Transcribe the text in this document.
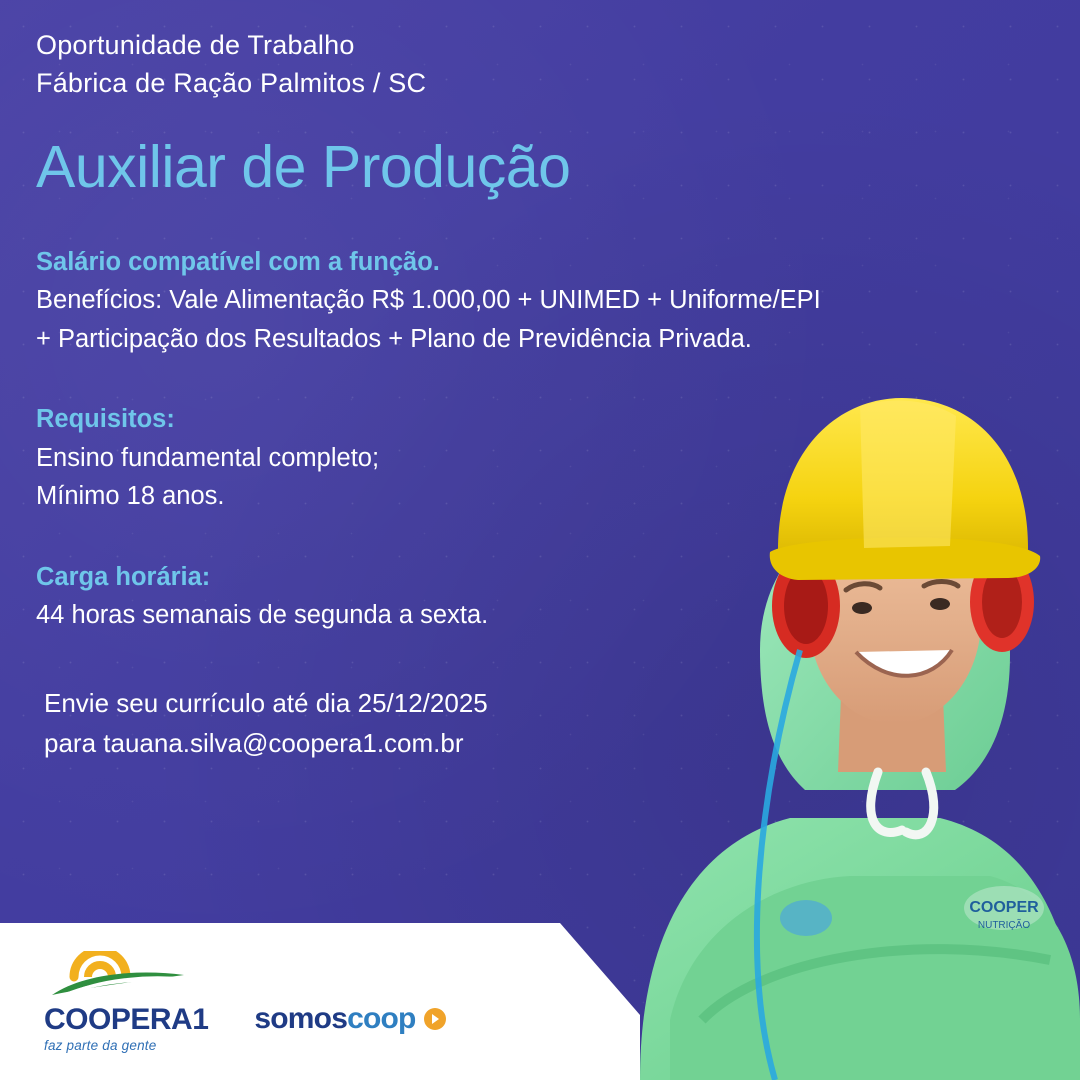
COOPER
NUTRIÇÃO
Oportunidade de Trabalho
Fábrica de Ração Palmitos / SC
Auxiliar de Produção
Salário compatível com a função.
Benefícios: Vale Alimentação R$ 1.000,00 + UNIMED + Uniforme/EPI + Participação dos Resultados + Plano de Previdência Privada.
Requisitos:
Ensino fundamental completo;
Mínimo 18 anos.
Carga horária:
44 horas semanais de segunda a sexta.
Envie seu currículo até dia 25/12/2025
para tauana.silva@coopera1.com.br
COOPERA1
faz parte da gente
somoscoop
